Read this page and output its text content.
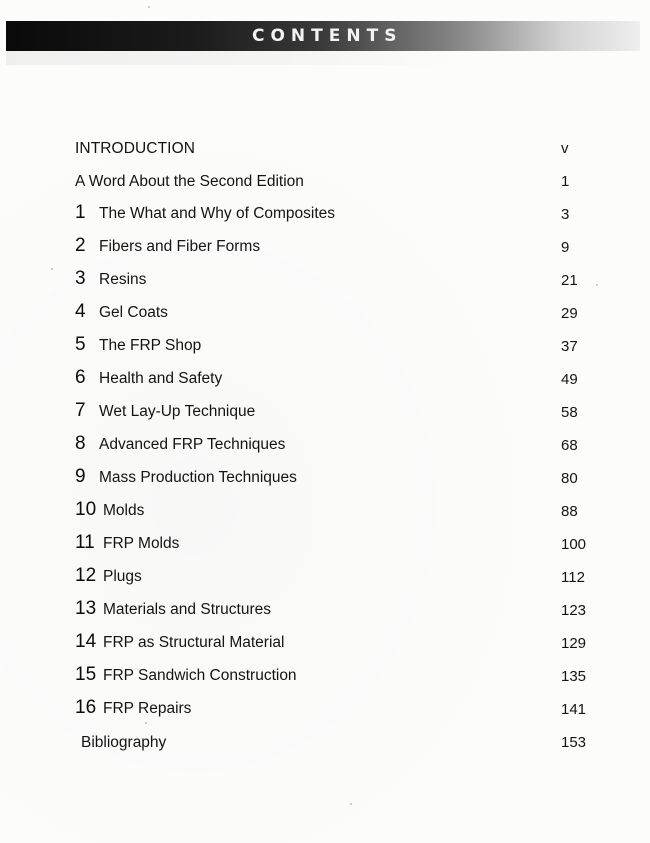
CONTENTS
INTRODUCTION	v
A Word About the Second Edition	1
1 The What and Why of Composites	3
2 Fibers and Fiber Forms	9
3 Resins	21
4 Gel Coats	29
5 The FRP Shop	37
6 Health and Safety	49
7 Wet Lay-Up Technique	58
8 Advanced FRP Techniques	68
9 Mass Production Techniques	80
10 Molds	88
11 FRP Molds	100
12 Plugs	112
13 Materials and Structures	123
14 FRP as Structural Material	129
15 FRP Sandwich Construction	135
16 FRP Repairs	141
Bibliography	153
